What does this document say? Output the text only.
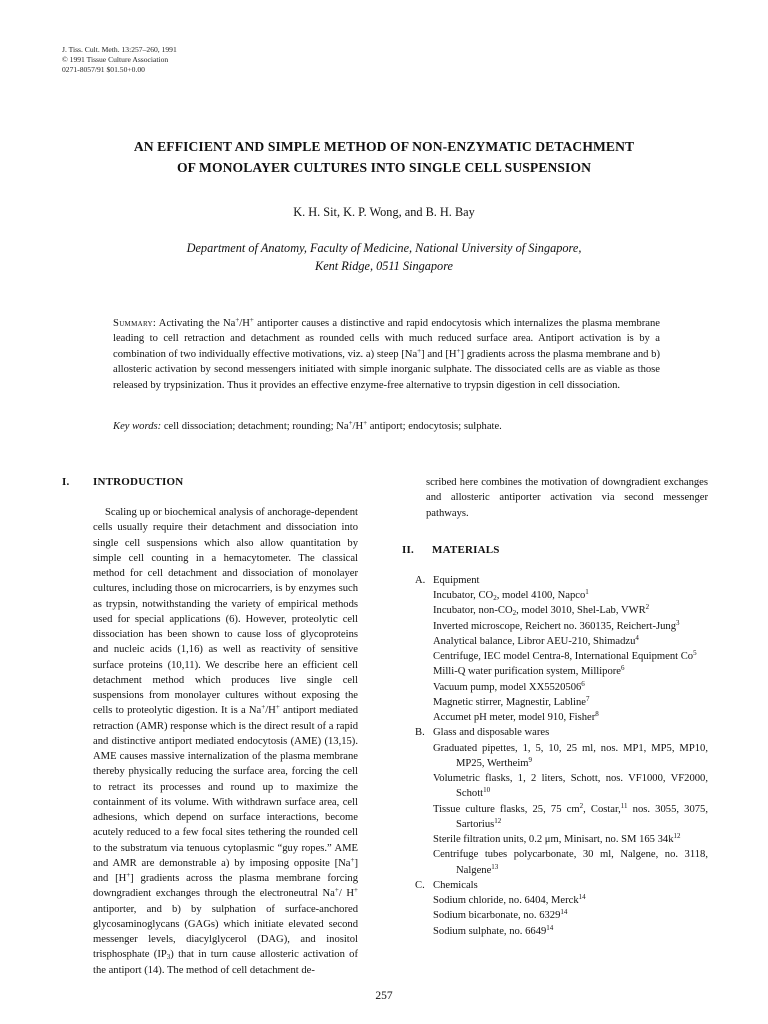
J. Tiss. Cult. Meth. 13:257–260, 1991
© 1991 Tissue Culture Association
0271-8057/91 $01.50+0.00
AN EFFICIENT AND SIMPLE METHOD OF NON-ENZYMATIC DETACHMENT
OF MONOLAYER CULTURES INTO SINGLE CELL SUSPENSION
K. H. Sit, K. P. Wong, and B. H. Bay
Department of Anatomy, Faculty of Medicine, National University of Singapore,
Kent Ridge, 0511 Singapore
Summary: Activating the Na+/H+ antiporter causes a distinctive and rapid endocytosis which internalizes the plasma membrane leading to cell retraction and detachment as rounded cells with much reduced surface area. Antiport activation is by a combination of two individually effective motivations, viz. a) steep [Na+] and [H+] gradients across the plasma membrane and b) allosteric activation by second messengers initiated with simple inorganic sulphate. The dissociated cells are as viable as those released by trypsinization. Thus it provides an effective enzyme-free alternative to trypsin digestion in cell dissociation.
Key words: cell dissociation; detachment; rounding; Na+/H+ antiport; endocytosis; sulphate.
I. INTRODUCTION
Scaling up or biochemical analysis of anchorage-dependent cells usually require their detachment and dissociation into single cell suspensions which also allow quantitation by simple cell counting in a hemacytometer. The classical method for cell detachment and dissociation of monolayer cultures, including those on microcarriers, is by enzymes such as trypsin, notwithstanding the variety of empirical methods used for special applications (6). However, proteolytic cell dissociation has been shown to cause loss of glycoproteins and nucleic acids (1,16) as well as reactivity of sensitive surface proteins (10,11). We describe here an efficient cell detachment method which produces live single cell suspensions from monolayer cultures without exposing the cells to proteolytic digestion. It is a Na+/H+ antiport mediated retraction (AMR) response which is the direct result of a rapid and distinctive antiport mediated endocytosis (AME) (13,15). AME causes massive internalization of the plasma membrane thereby physically reducing the surface area, forcing the cell to retract its processes and round up to maximize the containment of its volume. With withdrawn surface area, cell adhesions, which depend on surface interactions, become acutely reduced to a few focal sites tethering the rounded cell to the substratum via tenuous cytoplasmic “guy ropes.” AME and AMR are demonstrable a) by imposing opposite [Na+] and [H+] gradients across the plasma membrane forcing downgradient exchanges through the electroneutral Na+/ H+ antiporter, and b) by sulphation of surface-anchored glycosaminoglycans (GAGs) which initiate elevated second messenger levels, diacylglycerol (DAG), and inositol trisphosphate $(IP_3)$ that in turn cause allosteric activation of the antiport (14). The method of cell detachment de-
scribed here combines the motivation of downgradient exchanges and allosteric antiporter activation via second messenger pathways.
II. MATERIALS
A. Equipment
Incubator, $CO_2$, model 4100, Napco$^1$
Incubator, non-$CO_2$, model 3010, Shel-Lab, VWR$^2$
Inverted microscope, Reichert no. 360135, Reichert-Jung$^3$
Analytical balance, Libror AEU-210, Shimadzu$^4$
Centrifuge, IEC model Centra-8, International Equipment Co$^5$
Milli-Q water purification system, Millipore$^6$
Vacuum pump, model XX5520506$^6$
Magnetic stirrer, Magnestir, Labline$^7$
Accumet pH meter, model 910, Fisher$^8$
B. Glass and disposable wares
Graduated pipettes, 1, 5, 10, 25 ml, nos. MP1, MP5, MP10, MP25, Wertheim$^9$
Volumetric flasks, 1, 2 liters, Schott, nos. VF1000, VF2000, Schott$^{10}$
Tissue culture flasks, 25, 75 $cm^2$, Costar,$^{11}$ nos. 3055, 3075, Sartorius$^{12}$
Sterile filtration units, 0.2 μm, Minisart, no. SM 165 $34k^{12}$
Centrifuge tubes polycarbonate, 30 ml, Nalgene, no. 3118, Nalgene$^{13}$
C. Chemicals
Sodium chloride, no. 6404, Merck$^{14}$
Sodium bicarbonate, no. 6329$^{14}$
Sodium sulphate, no. 6649$^{14}$
257
